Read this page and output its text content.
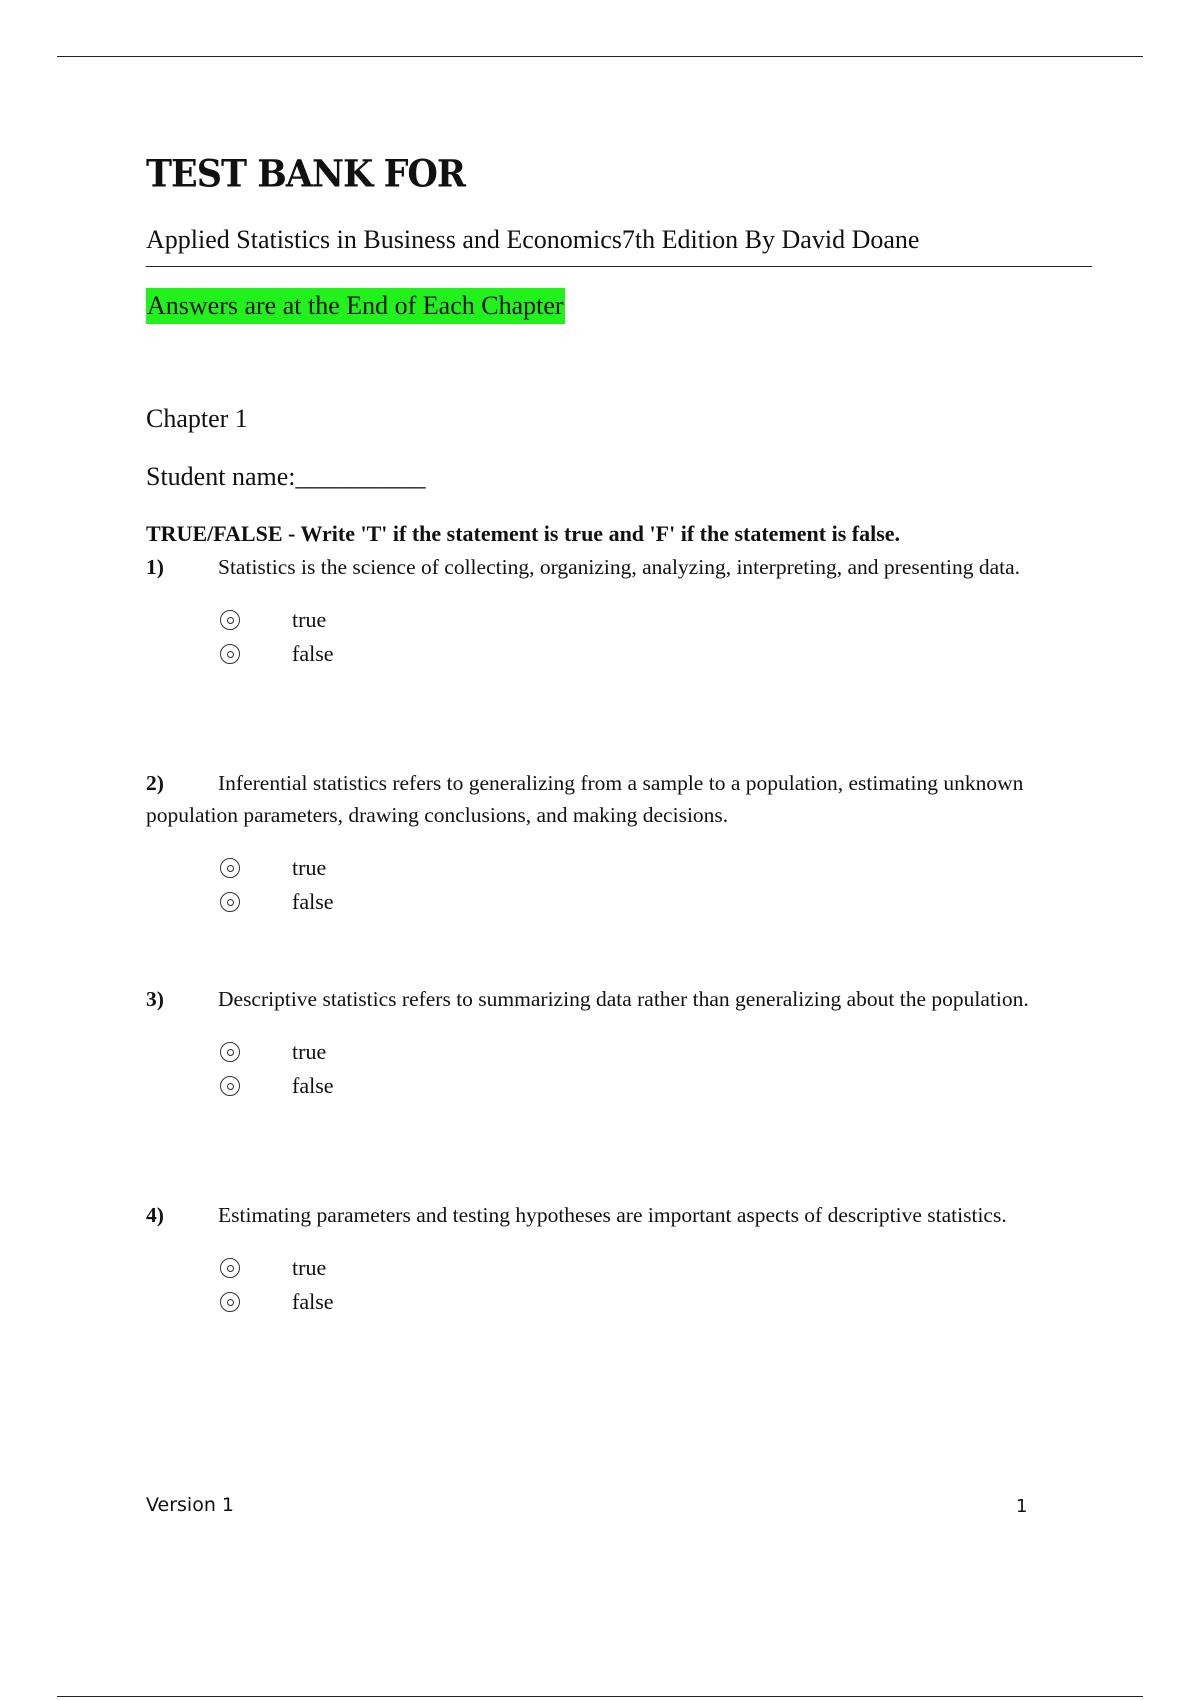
TEST BANK FOR
Applied Statistics in Business and Economics7th Edition By David Doane
Answers are at the End of Each Chapter
Chapter 1
Student name:__________
TRUE/FALSE - Write 'T' if the statement is true and 'F' if the statement is false.

1)	Statistics is the science of collecting, organizing, analyzing, interpreting, and presenting data.

true
false

2)	Inferential statistics refers to generalizing from a sample to a population, estimating unknown population parameters, drawing conclusions, and making decisions.

true
false

3)	Descriptive statistics refers to summarizing data rather than generalizing about the population.

true
false

4)	Estimating parameters and testing hypotheses are important aspects of descriptive statistics.

true
false
Version 1	1
